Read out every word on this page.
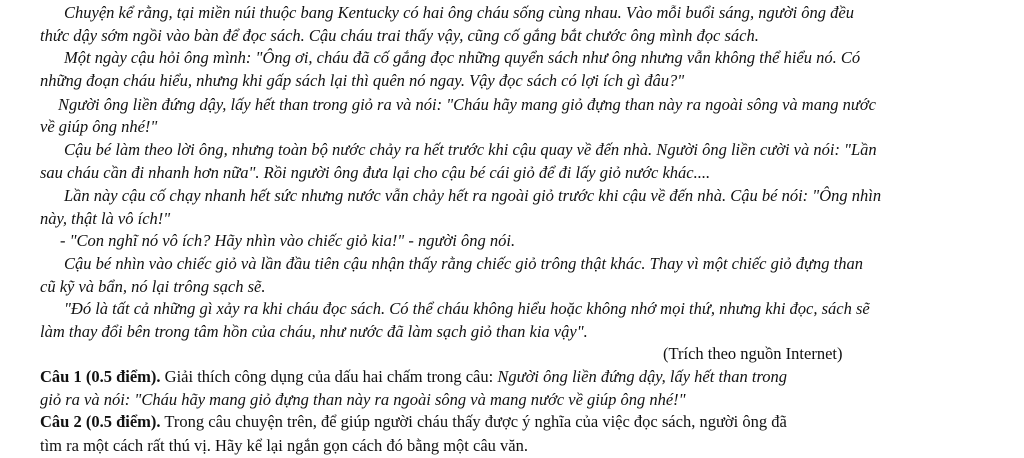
Chuyện kể rằng, tại miền núi thuộc bang Kentucky có hai ông cháu sống cùng nhau. Vào mỗi buổi sáng, người ông đều
thức dậy sớm ngồi vào bàn để đọc sách. Cậu cháu trai thấy vậy, cũng cố gắng bắt chước ông mình đọc sách.
Một ngày cậu hỏi ông mình: "Ông ơi, cháu đã cố gắng đọc những quyển sách như ông nhưng vẫn không thể hiểu nó. Có
những đoạn cháu hiểu, nhưng khi gấp sách lại thì quên nó ngay. Vậy đọc sách có lợi ích gì đâu?"
Người ông liền đứng dậy, lấy hết than trong giỏ ra và nói: "Cháu hãy mang giỏ đựng than này ra ngoài sông và mang nước
về giúp ông nhé!"
Cậu bé làm theo lời ông, nhưng toàn bộ nước chảy ra hết trước khi cậu quay về đến nhà. Người ông liền cười và nói: "Lần
sau cháu cần đi nhanh hơn nữa". Rồi người ông đưa lại cho cậu bé cái giỏ để đi lấy giỏ nước khác....
Lần này cậu cố chạy nhanh hết sức nhưng nước vẫn chảy hết ra ngoài giỏ trước khi cậu về đến nhà. Cậu bé nói: "Ông nhìn
này, thật là vô ích!"
- "Con nghĩ nó vô ích? Hãy nhìn vào chiếc giỏ kia!" - người ông nói.
Cậu bé nhìn vào chiếc giỏ và lần đầu tiên cậu nhận thấy rằng chiếc giỏ trông thật khác. Thay vì một chiếc giỏ đựng than
cũ kỹ và bẩn, nó lại trông sạch sẽ.
"Đó là tất cả những gì xảy ra khi cháu đọc sách. Có thể cháu không hiểu hoặc không nhớ mọi thứ, nhưng khi đọc, sách sẽ
làm thay đổi bên trong tâm hồn của cháu, như nước đã làm sạch giỏ than kia vậy".
(Trích theo nguồn Internet)
Câu 1 (0.5 điểm). Giải thích công dụng của dấu hai chấm trong câu: Người ông liền đứng dậy, lấy hết than trong
giỏ ra và nói: "Cháu hãy mang giỏ đựng than này ra ngoài sông và mang nước về giúp ông nhé!"
Câu 2 (0.5 điểm). Trong câu chuyện trên, để giúp người cháu thấy được ý nghĩa của việc đọc sách, người ông đã
tìm ra một cách rất thú vị. Hãy kể lại ngắn gọn cách đó bằng một câu văn.
